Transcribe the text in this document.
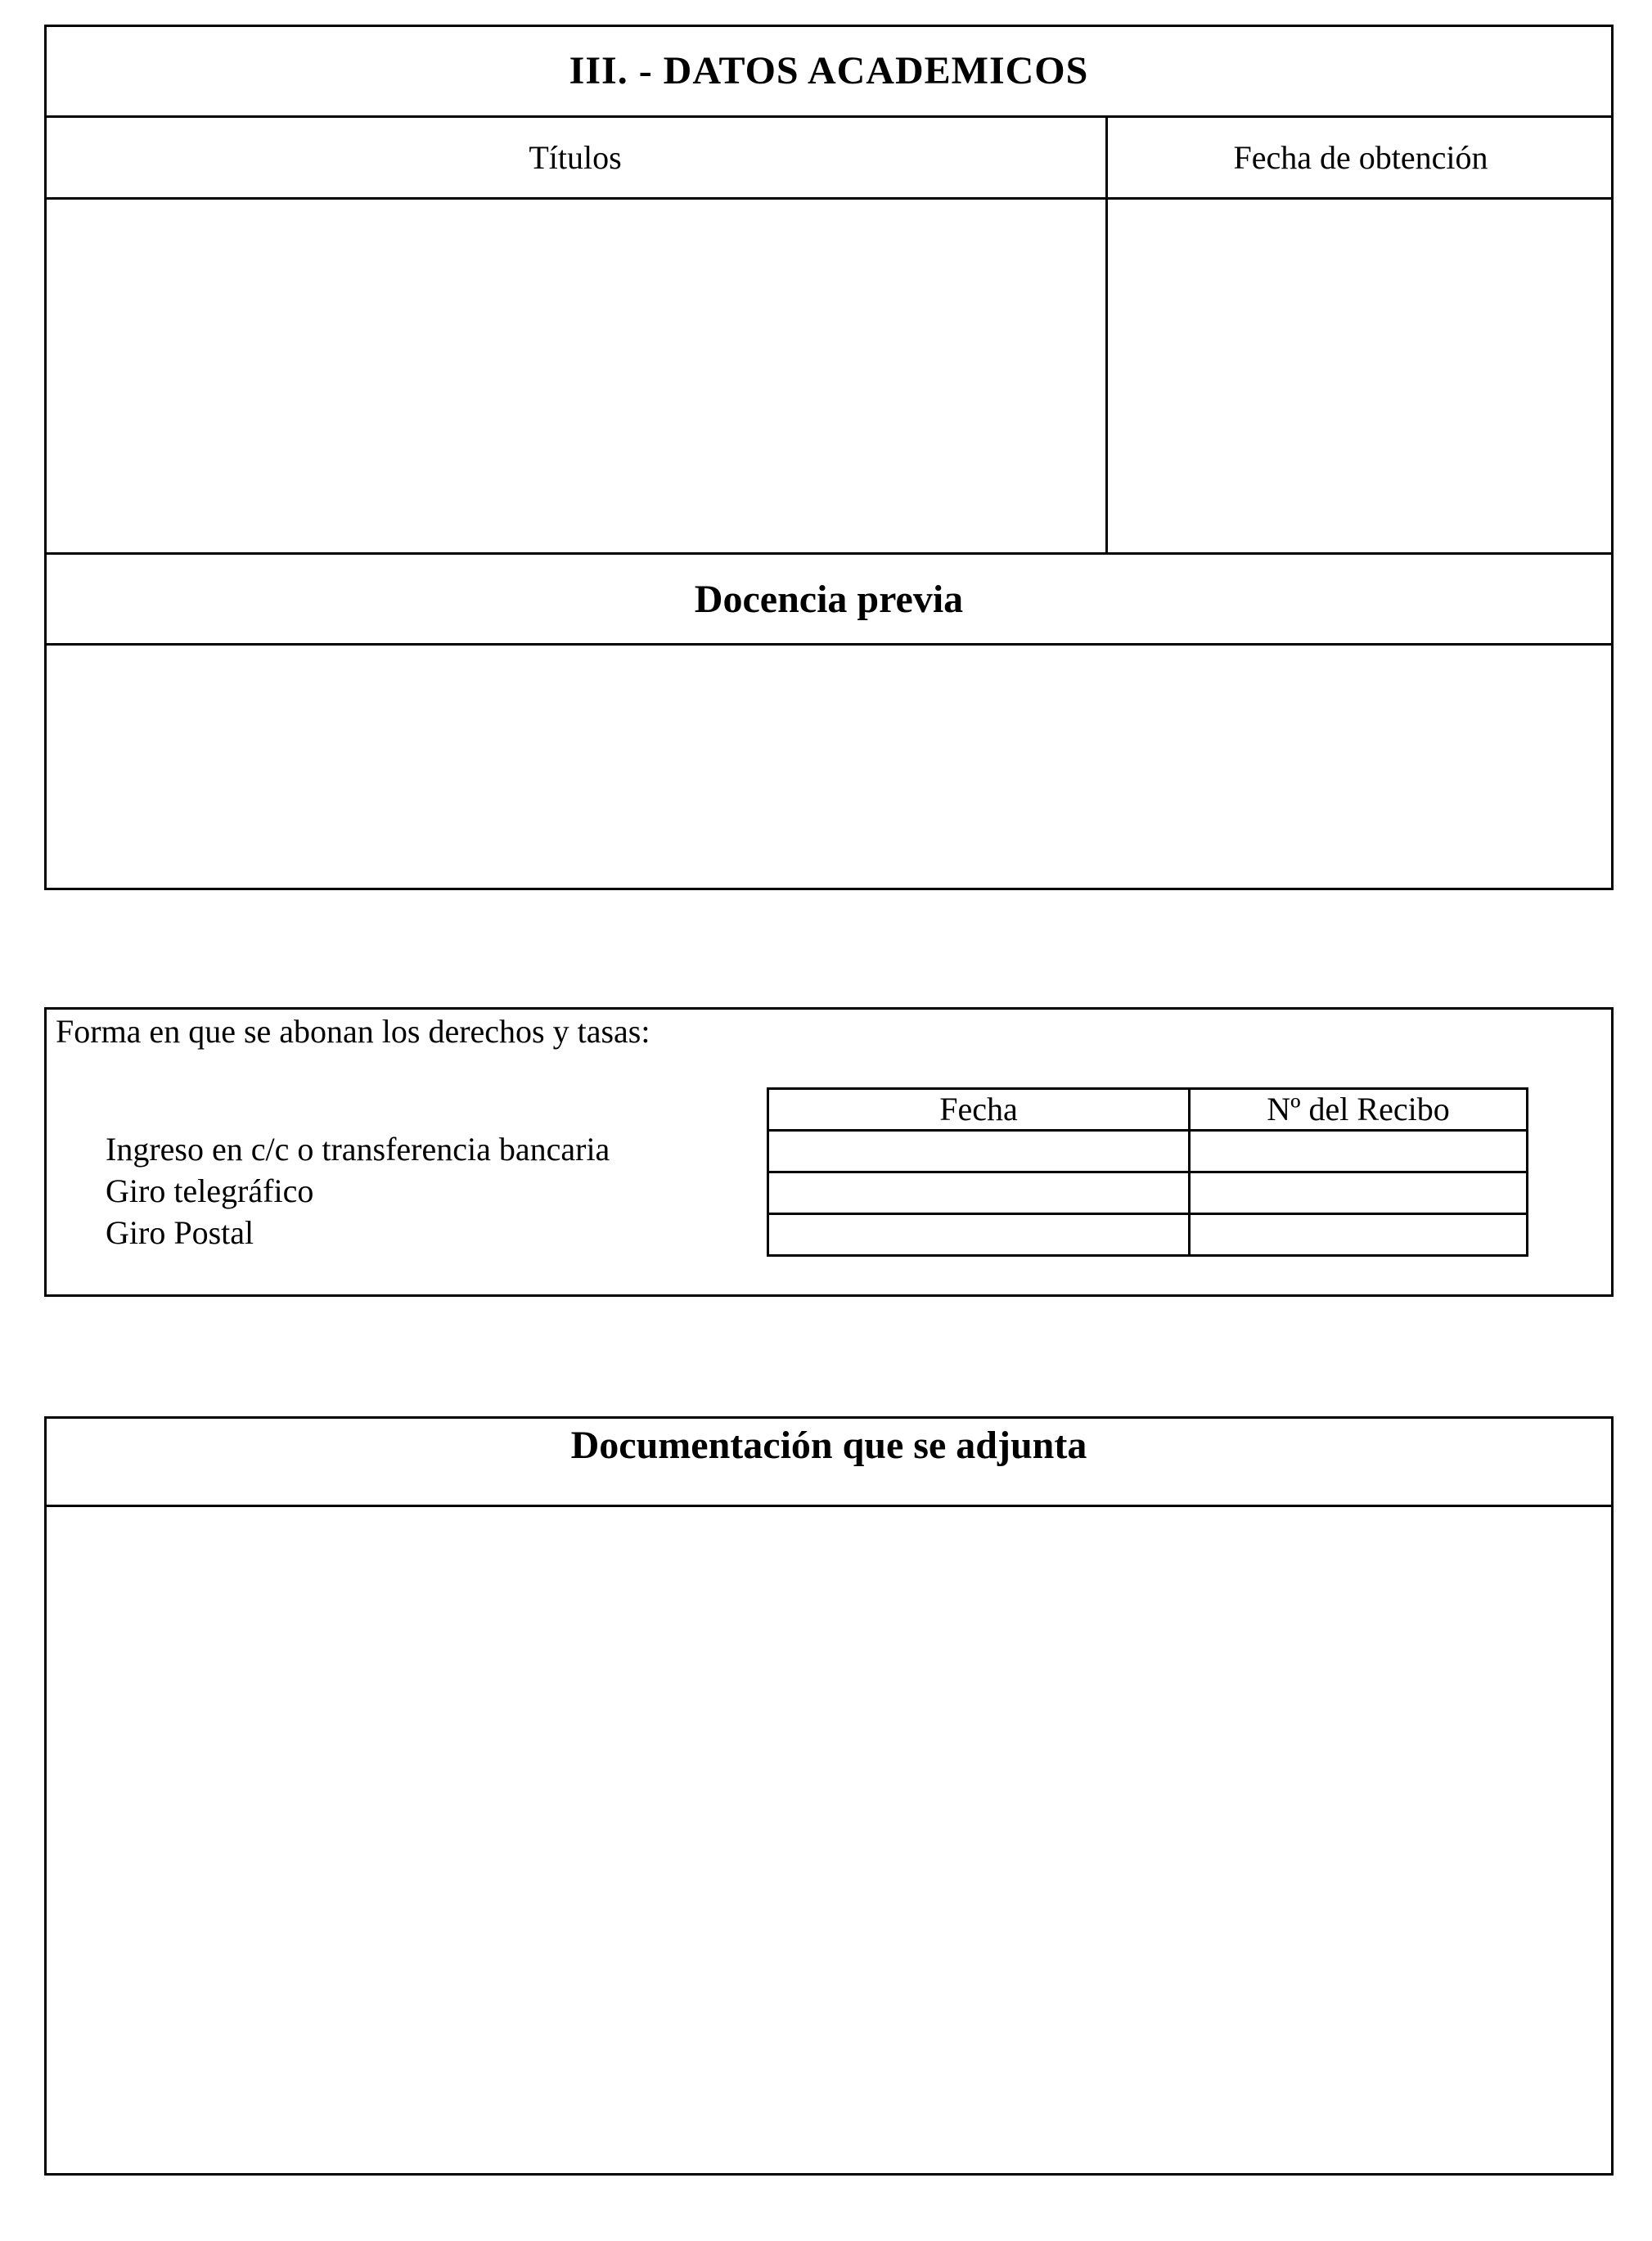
III. - DATOS ACADEMICOS
Títulos	Fecha de obtención
Docencia previa
Forma en que se abonan los derechos y tasas:
Ingreso en c/c o transferencia bancaria
Giro telegráfico
Giro Postal
Fecha	Nº del Recibo
Documentación que se adjunta
